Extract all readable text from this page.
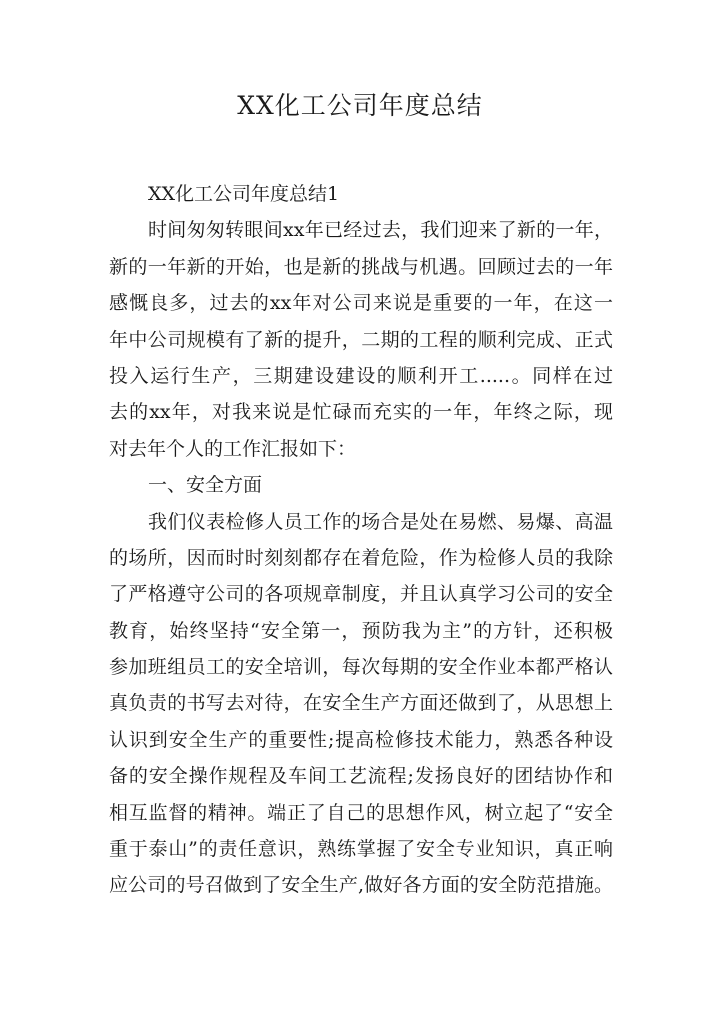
XX化工公司年度总结
XX化工公司年度总结1
时间匆匆转眼间xx年已经过去，我们迎来了新的一年，
新的一年新的开始，也是新的挑战与机遇。回顾过去的一年
感慨良多，过去的xx年对公司来说是重要的一年，在这一
年中公司规模有了新的提升，二期的工程的顺利完成、正式
投入运行生产，三期建设建设的顺利开工.....。同样在过
去的xx年，对我来说是忙碌而充实的一年，年终之际，现
对去年个人的工作汇报如下：
一、安全方面
我们仪表检修人员工作的场合是处在易燃、易爆、高温
的场所，因而时时刻刻都存在着危险，作为检修人员的我除
了严格遵守公司的各项规章制度，并且认真学习公司的安全
教育，始终坚持“安全第一，预防我为主”的方针，还积极
参加班组员工的安全培训，每次每期的安全作业本都严格认
真负责的书写去对待，在安全生产方面还做到了，从思想上
认识到安全生产的重要性;提高检修技术能力，熟悉各种设
备的安全操作规程及车间工艺流程;发扬良好的团结协作和
相互监督的精神。端正了自己的思想作风，树立起了“安全
重于泰山”的责任意识，熟练掌握了安全专业知识，真正响
应公司的号召做到了安全生产,做好各方面的安全防范措施。
